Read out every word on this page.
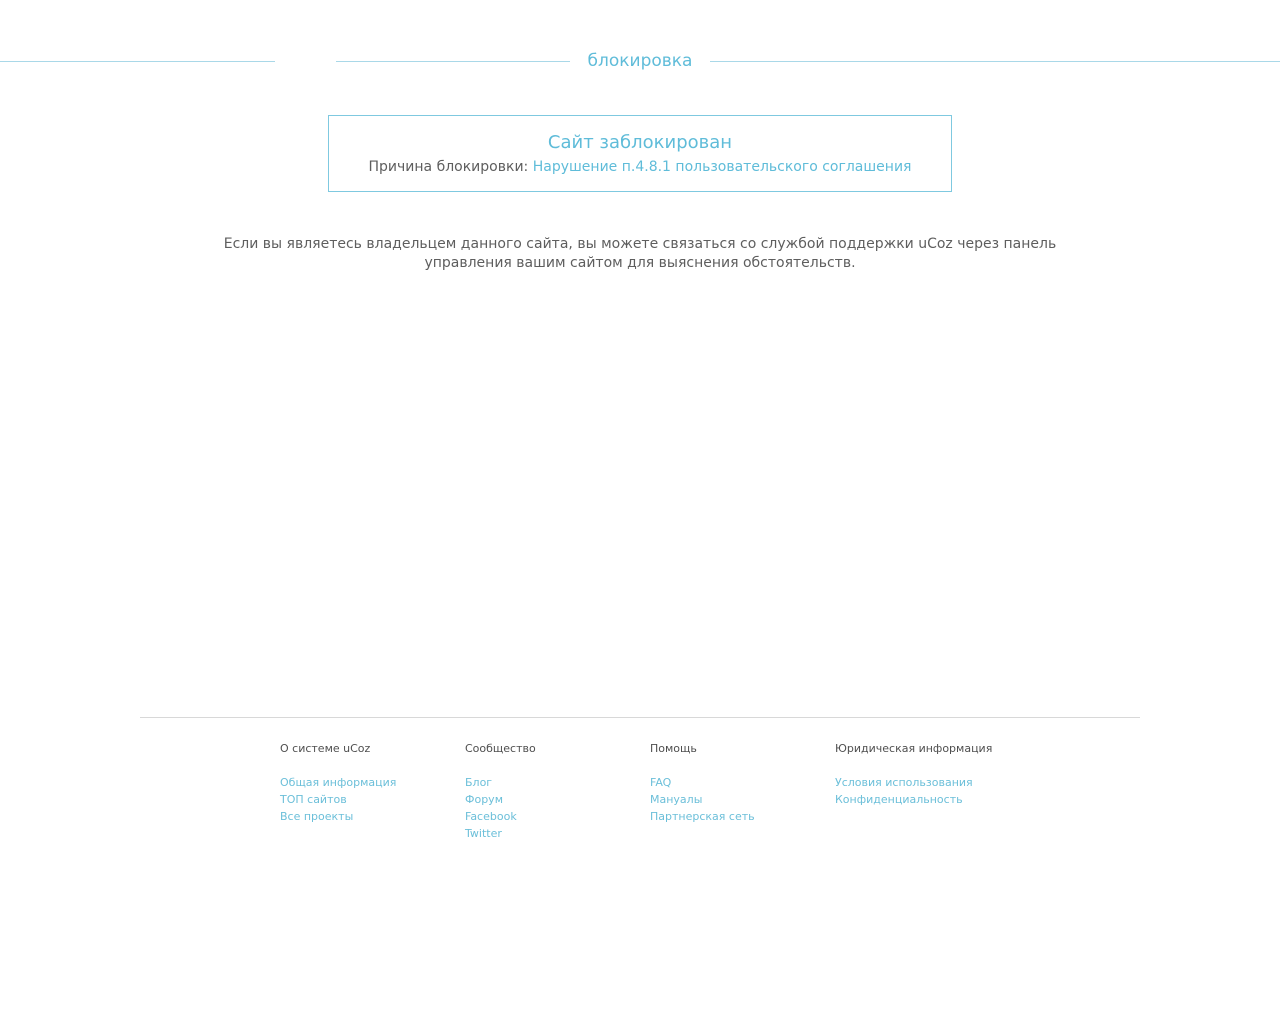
блокировка
Сайт заблокирован
Причина блокировки: Нарушение п.4.8.1 пользовательского соглашения
Если вы являетесь владельцем данного сайта, вы можете связаться со службой поддержки uCoz через панель управления вашим сайтом для выяснения обстоятельств.
О системе uCoz
Общая информация
ТОП сайтов
Все проекты
Сообщество
Блог
Форум
Facebook
Twitter
Помощь
FAQ
Мануалы
Партнерская сеть
Юридическая информация
Условия использования
Конфиденциальность
